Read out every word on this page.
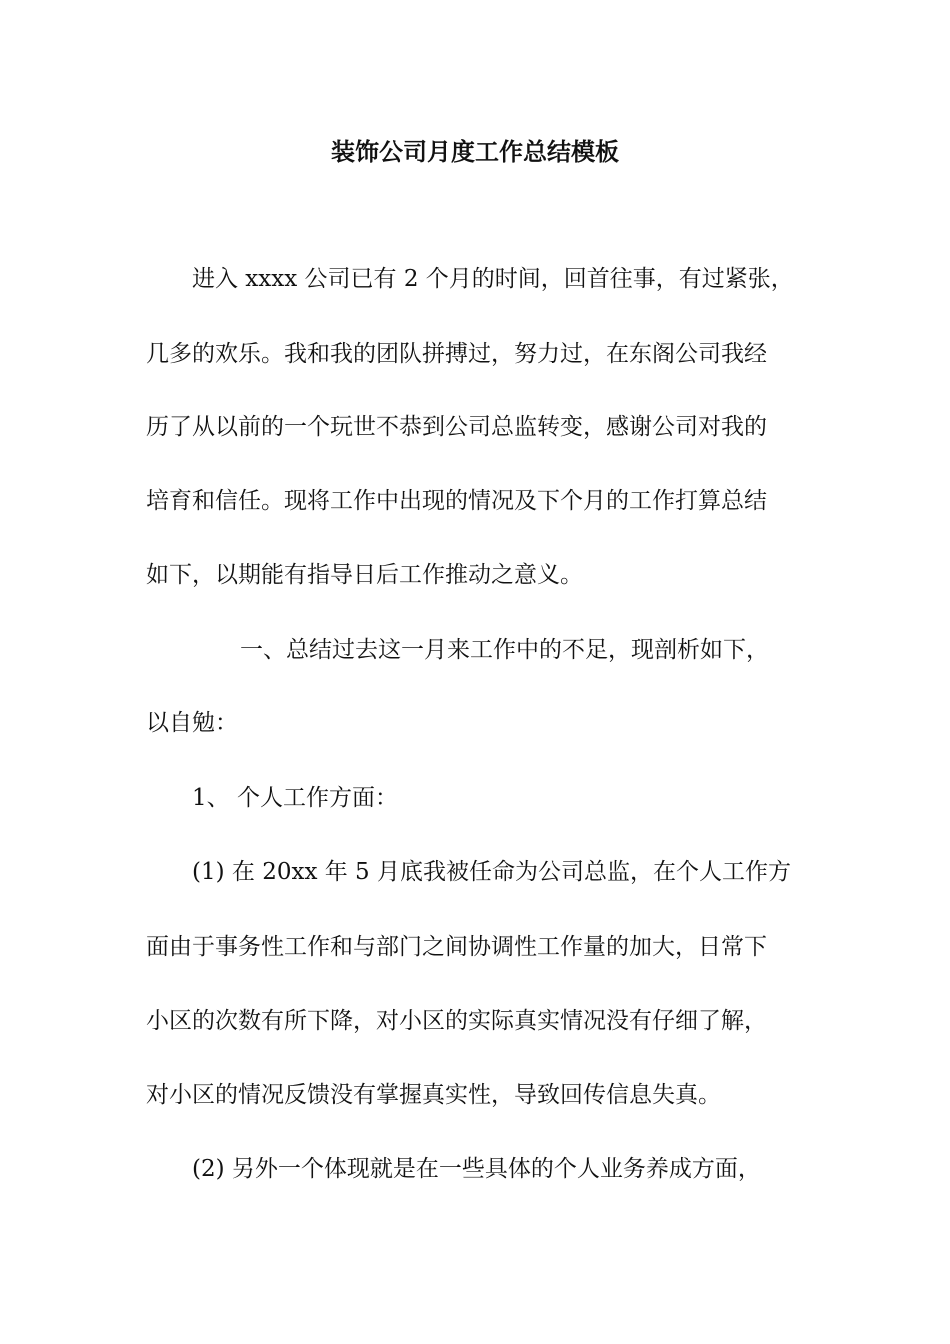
装饰公司月度工作总结模板
进入 xxxx 公司已有 2 个月的时间，回首往事，有过紧张，
几多的欢乐。我和我的团队拼搏过，努力过，在东阁公司我经
历了从以前的一个玩世不恭到公司总监转变，感谢公司对我的
培育和信任。现将工作中出现的情况及下个月的工作打算总结
如下，以期能有指导日后工作推动之意义。
一、总结过去这一月来工作中的不足，现剖析如下，
以自勉：
1、 个人工作方面：
(1) 在 20xx 年 5 月底我被任命为公司总监，在个人工作方
面由于事务性工作和与部门之间协调性工作量的加大，日常下
小区的次数有所下降，对小区的实际真实情况没有仔细了解，
对小区的情况反馈没有掌握真实性，导致回传信息失真。
(2) 另外一个体现就是在一些具体的个人业务养成方面，
